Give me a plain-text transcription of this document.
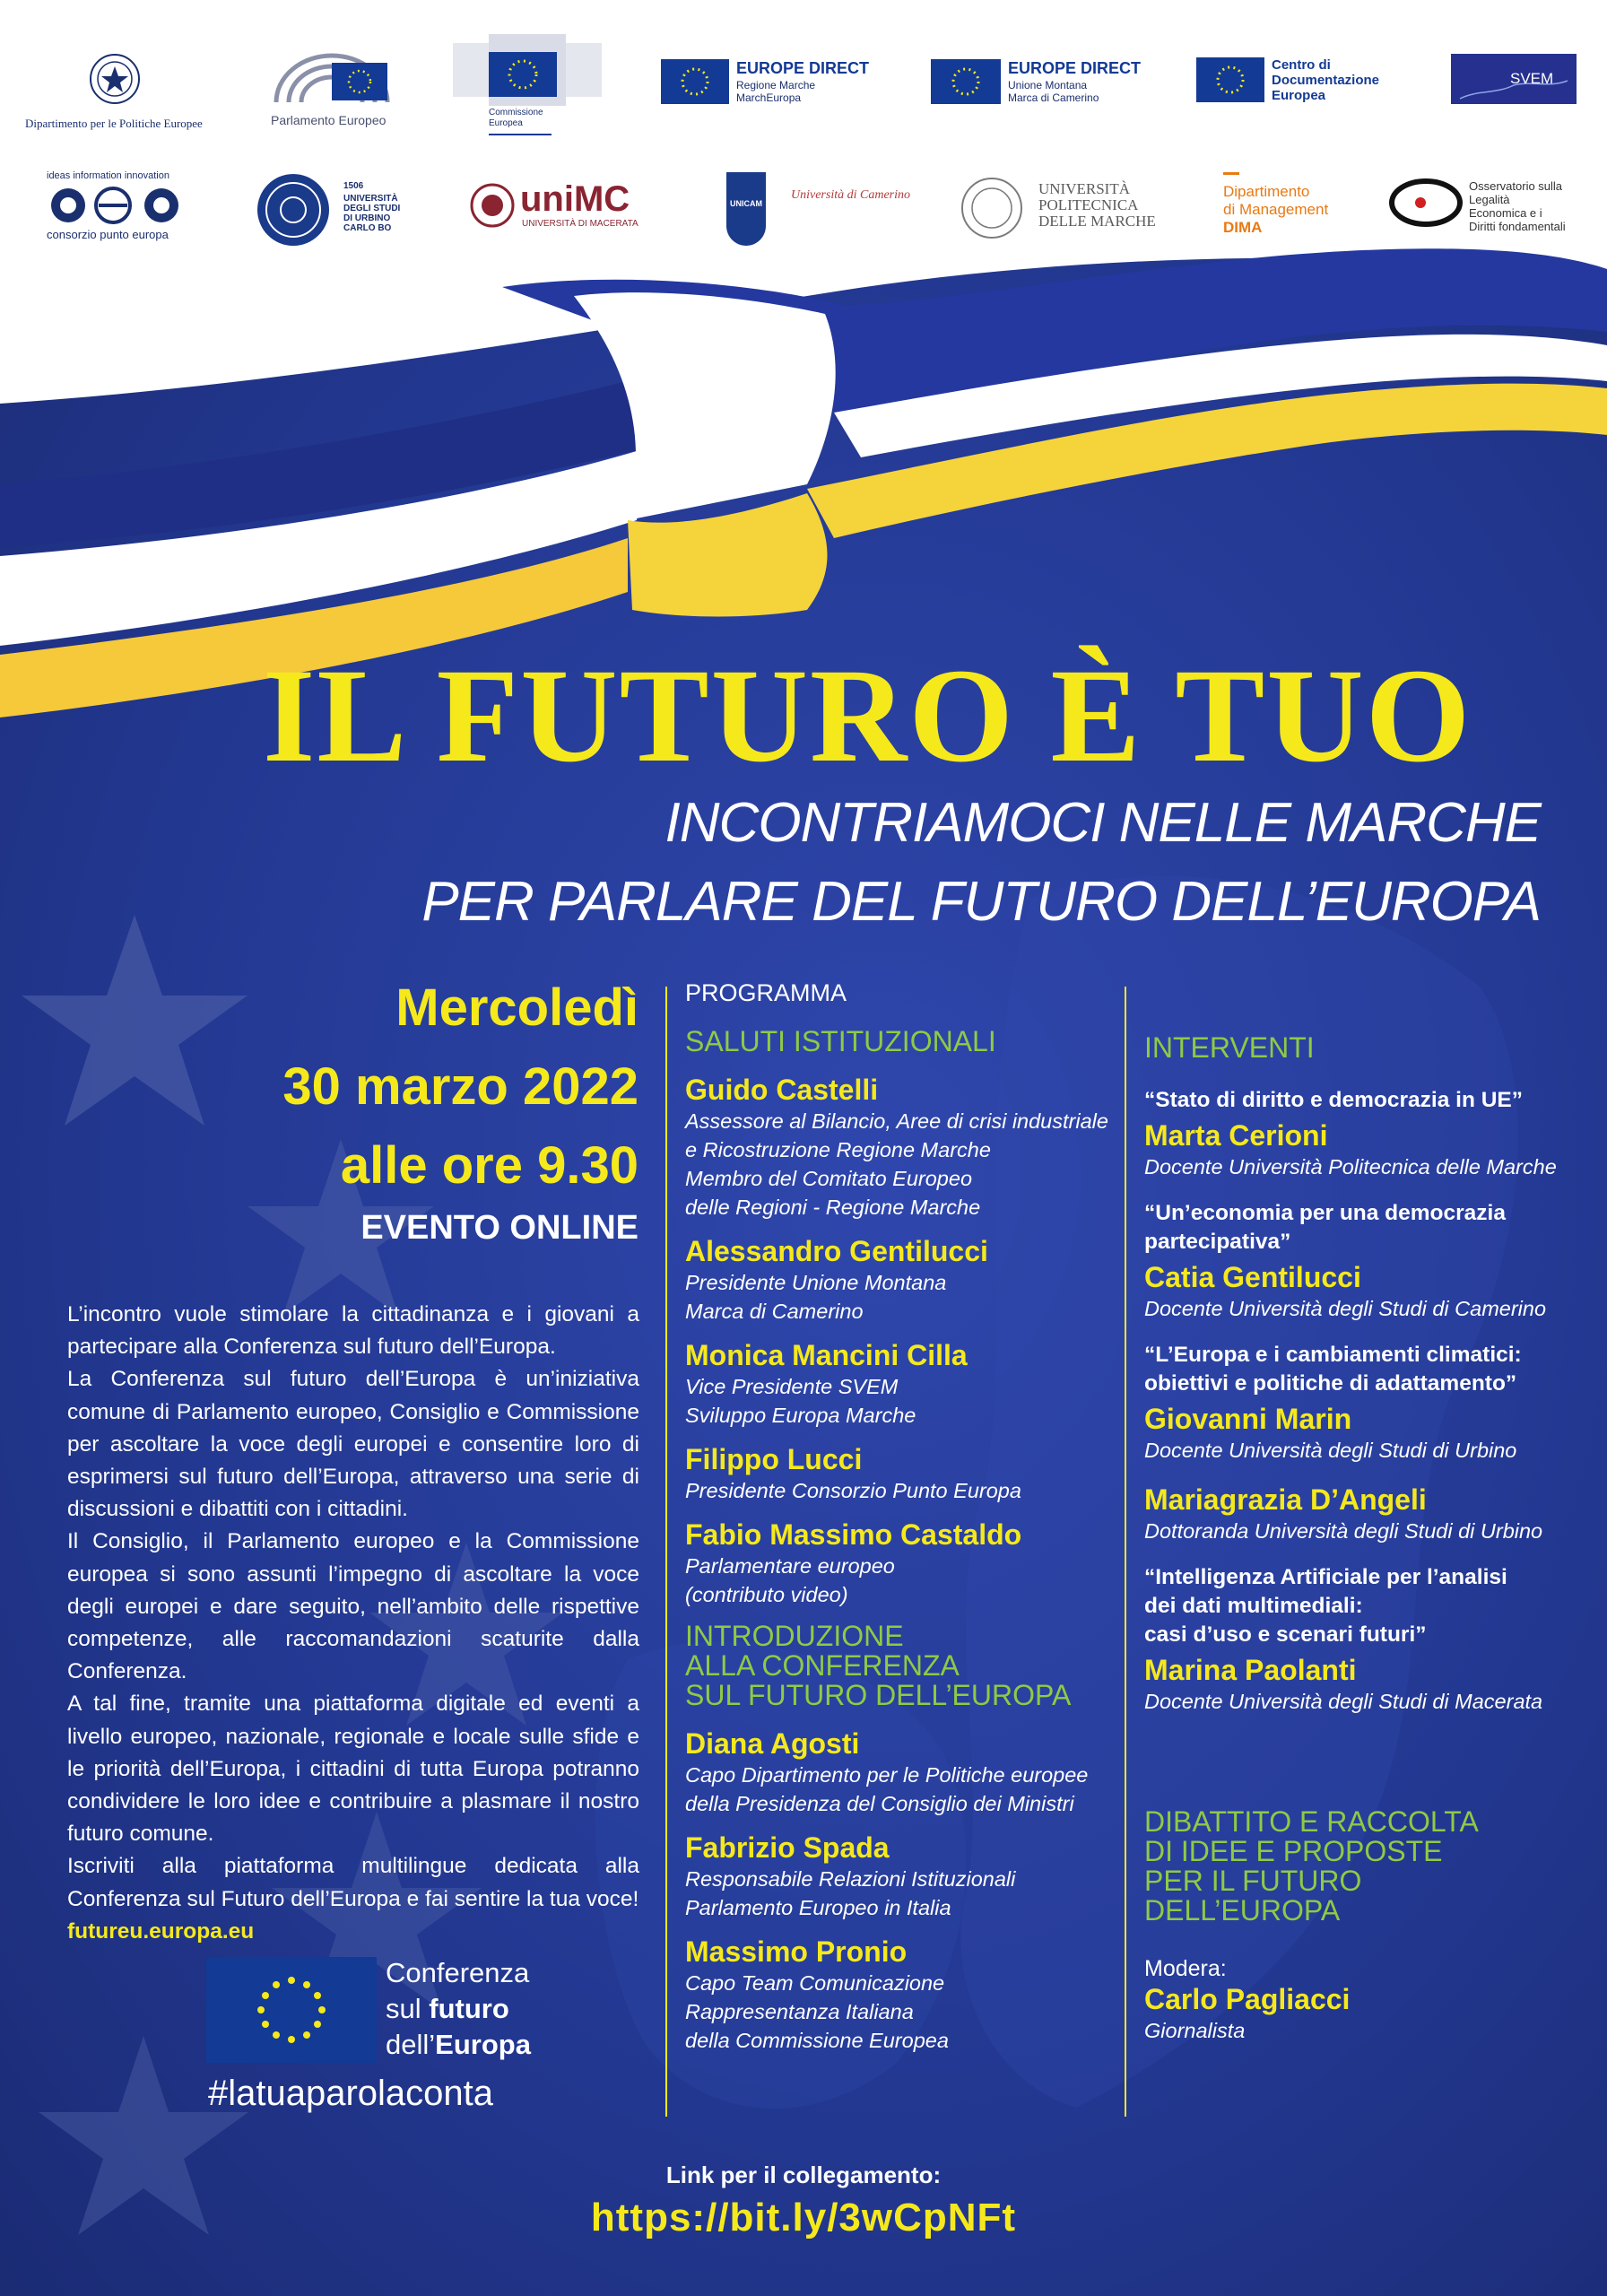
Dipartimento per le Politiche Europee	Parlamento Europeo
Commissione Europea
EUROPE DIRECT
Regione Marche
MarchEuropa
EUROPE DIRECT
Unione Montana
Marca di Camerino
Centro di
Documentazione
Europea
SVEM
ideas information innovation
consorzio punto europa
1506
UNIVERSITÀ
DEGLI STUDI
DI URBINO
CARLO BO
uniMC
UNIVERSITÀ DI MACERATA
UNICAM
Università di Camerino	UNIVERSITÀ
POLITECNICA
DELLE MARCHE
Dipartimento
di Management
DIMA
Osservatorio sulla
Legalità
Economica e i
Diritti fondamentali
IL FUTURO È TUO
INCONTRIAMOCI NELLE MARCHE
PER PARLARE DEL FUTURO DELL’EUROPA
Mercoledì
30 marzo 2022
alle ore 9.30
EVENTO ONLINE

L’incontro vuole stimolare la cittadinanza e i giovani a partecipare alla Conferenza sul futuro dell’Europa.

La Conferenza sul futuro dell’Europa è un’iniziativa comune di Parlamento europeo, Consiglio e Commissione per ascoltare la voce degli europei e consentire loro di esprimersi sul futuro dell’Europa, attraverso una serie di discussioni e dibattiti con i cittadini.

Il Consiglio, il Parlamento europeo e la Commissione europea si sono assunti l’impegno di ascoltare la voce degli europei e dare seguito, nell’ambito delle rispettive competenze, alle raccomandazioni scaturite dalla Conferenza.

A tal fine, tramite una piattaforma digitale ed eventi a livello europeo, nazionale, regionale e locale sulle sfide e le priorità dell’Europa, i cittadini di tutta Europa potranno condividere le loro idee e contribuire a plasmare il nostro futuro comune.

Iscriviti alla piattaforma multilingue dedicata alla Conferenza sul Futuro dell’Europa e fai sentire la tua voce!

futureu.europa.eu

Conferenza
sul futuro
dell’Europa
#latuaparolaconta
PROGRAMMA
SALUTI ISTITUZIONALI
Guido Castelli
Assessore al Bilancio, Aree di crisi industriale
e Ricostruzione Regione Marche
Membro del Comitato Europeo
delle Regioni - Regione Marche
Alessandro Gentilucci
Presidente Unione Montana
Marca di Camerino
Monica Mancini Cilla
Vice Presidente SVEM
Sviluppo Europa Marche
Filippo Lucci
Presidente Consorzio Punto Europa
Fabio Massimo Castaldo
Parlamentare europeo
(contributo video)
INTRODUZIONE
ALLA CONFERENZA
SUL FUTURO DELL’EUROPA
Diana Agosti
Capo Dipartimento per le Politiche europee
della Presidenza del Consiglio dei Ministri
Fabrizio Spada
Responsabile Relazioni Istituzionali
Parlamento Europeo in Italia
Massimo Pronio
Capo Team Comunicazione
Rappresentanza Italiana
della Commissione Europea
INTERVENTI
“Stato di diritto e democrazia in UE”
Marta Cerioni
Docente Università Politecnica delle Marche
“Un’economia per una democrazia
partecipativa”
Catia Gentilucci
Docente Università degli Studi di Camerino
“L’Europa e i cambiamenti climatici:
obiettivi e politiche di adattamento”
Giovanni Marin
Docente Università degli Studi di Urbino
Mariagrazia D’Angeli
Dottoranda Università degli Studi di Urbino
“Intelligenza Artificiale per l’analisi
dei dati multimediali:
casi d’uso e scenari futuri”
Marina Paolanti
Docente Università degli Studi di Macerata
DIBATTITO E RACCOLTA
DI IDEE E PROPOSTE
PER IL FUTURO
DELL’EUROPA
Modera:
Carlo Pagliacci
Giornalista
Link per il collegamento:
https://bit.ly/3wCpNFt
